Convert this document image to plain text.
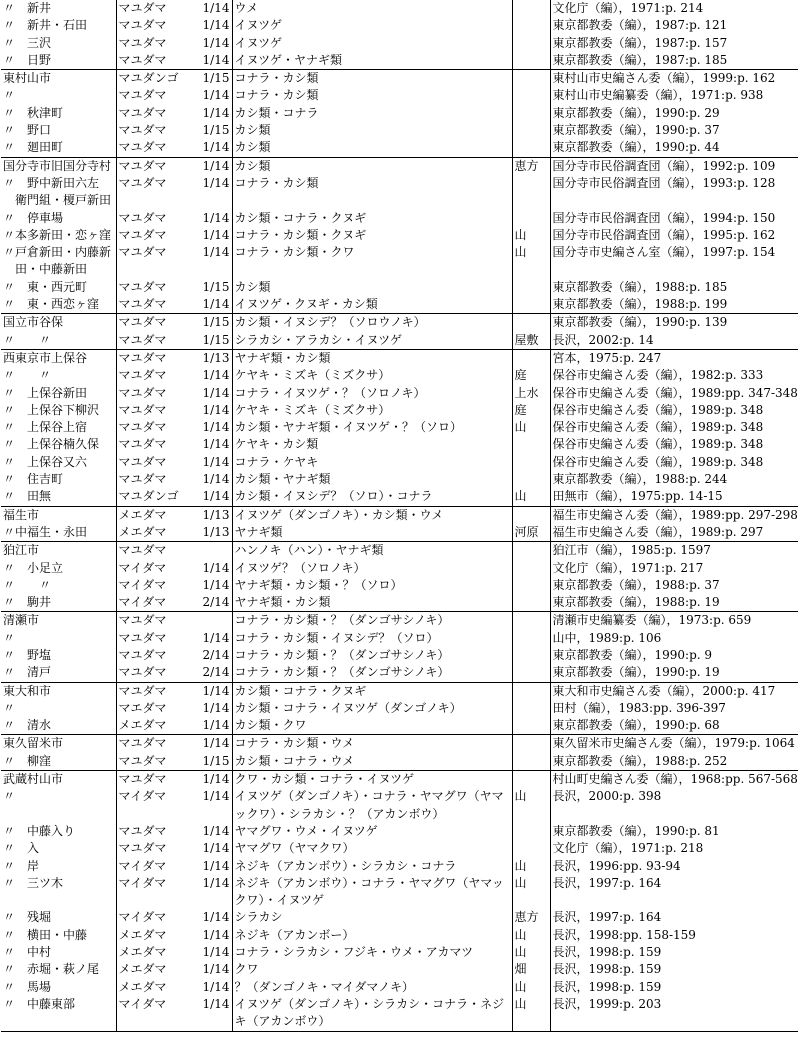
〃　新井	マユダマ	1/14	ウメ		文化庁（編），1971:p. 214
〃　新井・石田	マユダマ	1/14	イヌツゲ		東京都教委（編），1987:p. 121
〃　三沢	マユダマ	1/14	イヌツゲ		東京都教委（編），1987:p. 157
〃　日野	マユダマ	1/14	イヌツゲ・ヤナギ類		東京都教委（編），1987:p. 185
東村山市	マユダンゴ	1/15	コナラ・カシ類		東村山市史編さん委（編），1999:p. 162
〃	マユダマ	1/14	コナラ・カシ類		東村山市史編纂委（編），1971:p. 938
〃　秋津町	マユダマ	1/14	カシ類・コナラ		東京都教委（編），1990:p. 29
〃　野口	マユダマ	1/15	カシ類		東京都教委（編），1990:p. 37
〃　廻田町	マユダマ	1/14	カシ類		東京都教委（編），1990:p. 44
国分寺市旧国分寺村	マユダマ	1/14	カシ類	恵方	国分寺市民俗調査団（編），1992:p. 109
〃　野中新田六左	マユダマ	1/14	コナラ・カシ類		国分寺市民俗調査団（編），1993:p. 128
　衛門組・榎戸新田					
〃　停車場	マユダマ	1/14	カシ類・コナラ・クヌギ		国分寺市民俗調査団（編），1994:p. 150
〃本多新田・恋ヶ窪	マユダマ	1/14	コナラ・カシ類・クヌギ	山	国分寺市民俗調査団（編），1995:p. 162
〃戸倉新田・内藤新	マユダマ	1/14	コナラ・カシ類・クワ	山	国分寺市史編さん室（編），1997:p. 154
　田・中藤新田					
〃　東・西元町	マユダマ	1/15	カシ類		東京都教委（編），1988:p. 185
〃　東・西恋ヶ窪	マユダマ	1/14	イヌツゲ・クヌギ・カシ類		東京都教委（編），1988:p. 199
国立市谷保	マユダマ	1/15	カシ類・イヌシデ？（ソロウノキ）		東京都教委（編），1990:p. 139
〃　　〃	マユダマ	1/15	シラカシ・アラカシ・イヌツゲ	屋敷	長沢，2002:p. 14
西東京市上保谷	マユダマ	1/13	ヤナギ類・カシ類		宮本，1975:p. 247
〃　　〃	マユダマ	1/14	ケヤキ・ミズキ（ミズクサ）	庭	保谷市史編さん委（編），1982:p. 333
〃　上保谷新田	マユダマ	1/14	コナラ・イヌツゲ・？（ソロノキ）	上水	保谷市史編さん委（編），1989:pp. 347-348
〃　上保谷下柳沢	マユダマ	1/14	ケヤキ・ミズキ（ミズクサ）	庭	保谷市史編さん委（編），1989:p. 348
〃　上保谷上宿	マユダマ	1/14	カシ類・ヤナギ類・イヌツゲ・？（ソロ）	山	保谷市史編さん委（編），1989:p. 348
〃　上保谷楠久保	マユダマ	1/14	ケヤキ・カシ類		保谷市史編さん委（編），1989:p. 348
〃　上保谷又六	マユダマ	1/14	コナラ・ケヤキ		保谷市史編さん委（編），1989:p. 348
〃　住吉町	マユダマ	1/14	カシ類・ヤナギ類		東京都教委（編），1988:p. 244
〃　田無	マユダンゴ	1/14	カシ類・イヌシデ？（ソロ）・コナラ	山	田無市（編），1975:pp. 14-15
福生市	メエダマ	1/13	イヌツゲ（ダンゴノキ）・カシ類・ウメ		福生市史編さん委（編），1989:pp. 297-298
〃中福生・永田	メエダマ	1/13	ヤナギ類	河原	福生市史編さん委（編），1989:p. 297
狛江市	マユダマ		ハンノキ（ハン）・ヤナギ類		狛江市（編），1985:p. 1597
〃　小足立	マイダマ	1/14	イヌツゲ？（ソロノキ）		文化庁（編），1971:p. 217
〃　　〃	マイダマ	1/14	ヤナギ類・カシ類・？（ソロ）		東京都教委（編），1988:p. 37
〃　駒井	マイダマ	2/14	ヤナギ類・カシ類		東京都教委（編），1988:p. 19
清瀬市	マユダマ		コナラ・カシ類・？（ダンゴサシノキ）		清瀬市史編纂委（編），1973:p. 659
〃	マユダマ	1/14	コナラ・カシ類・イヌシデ？（ソロ）		山中，1989:p. 106
〃　野塩	マユダマ	2/14	コナラ・カシ類・？（ダンゴサシノキ）		東京都教委（編），1990:p. 9
〃　清戸	マユダマ	2/14	コナラ・カシ類・？（ダンゴサシノキ）		東京都教委（編），1990:p. 19
東大和市	マユダマ	1/14	カシ類・コナラ・クヌギ		東大和市史編さん委（編），2000:p. 417
〃	マエダマ	1/14	カシ類・コナラ・イヌツゲ（ダンゴノキ）		田村（編），1983:pp. 396-397
〃　清水	メエダマ	1/14	カシ類・クワ		東京都教委（編），1990:p. 68
東久留米市	マユダマ	1/14	コナラ・カシ類・ウメ		東久留米市史編さん委（編），1979:p. 1064
〃　柳窪	マユダマ	1/15	カシ類・コナラ・ウメ		東京都教委（編），1988:p. 252
武蔵村山市	マユダマ	1/14	クワ・カシ類・コナラ・イヌツゲ		村山町史編さん委（編），1968:pp. 567-568
〃	マイダマ	1/14	イヌツゲ（ダンゴノキ）・コナラ・ヤマグワ（ヤマックワ）・シラカシ・？（アカンボウ）	山	長沢，2000:p. 398
〃　中藤入り	マユダマ	1/14	ヤマグワ・ウメ・イヌツゲ		東京都教委（編），1990:p. 81
〃　入	マユダマ	1/14	ヤマグワ（ヤマクワ）		文化庁（編），1971:p. 218
〃　岸	マイダマ	1/14	ネジキ（アカンボウ）・シラカシ・コナラ	山	長沢，1996:pp. 93-94
〃　三ツ木	マイダマ	1/14	ネジキ（アカンボウ）・コナラ・ヤマグワ（ヤマックワ）・イヌツゲ	山	長沢，1997:p. 164
〃　残堀	マイダマ	1/14	シラカシ	恵方	長沢，1997:p. 164
〃　横田・中藤	メエダマ	1/14	ネジキ（アカンボー）	山	長沢，1998:pp. 158-159
〃　中村	メエダマ	1/14	コナラ・シラカシ・フジキ・ウメ・アカマツ	山	長沢，1998:p. 159
〃　赤堀・萩ノ尾	メエダマ	1/14	クワ	畑	長沢，1998:p. 159
〃　馬場	メエダマ	1/14	？（ダンゴノキ・マイダマノキ）	山	長沢，1998:p. 159
〃　中藤東部	マイダマ	1/14	イヌツゲ（ダンゴノキ）・シラカシ・コナラ・ネジキ（アカンボウ）	山	長沢，1999:p. 203
